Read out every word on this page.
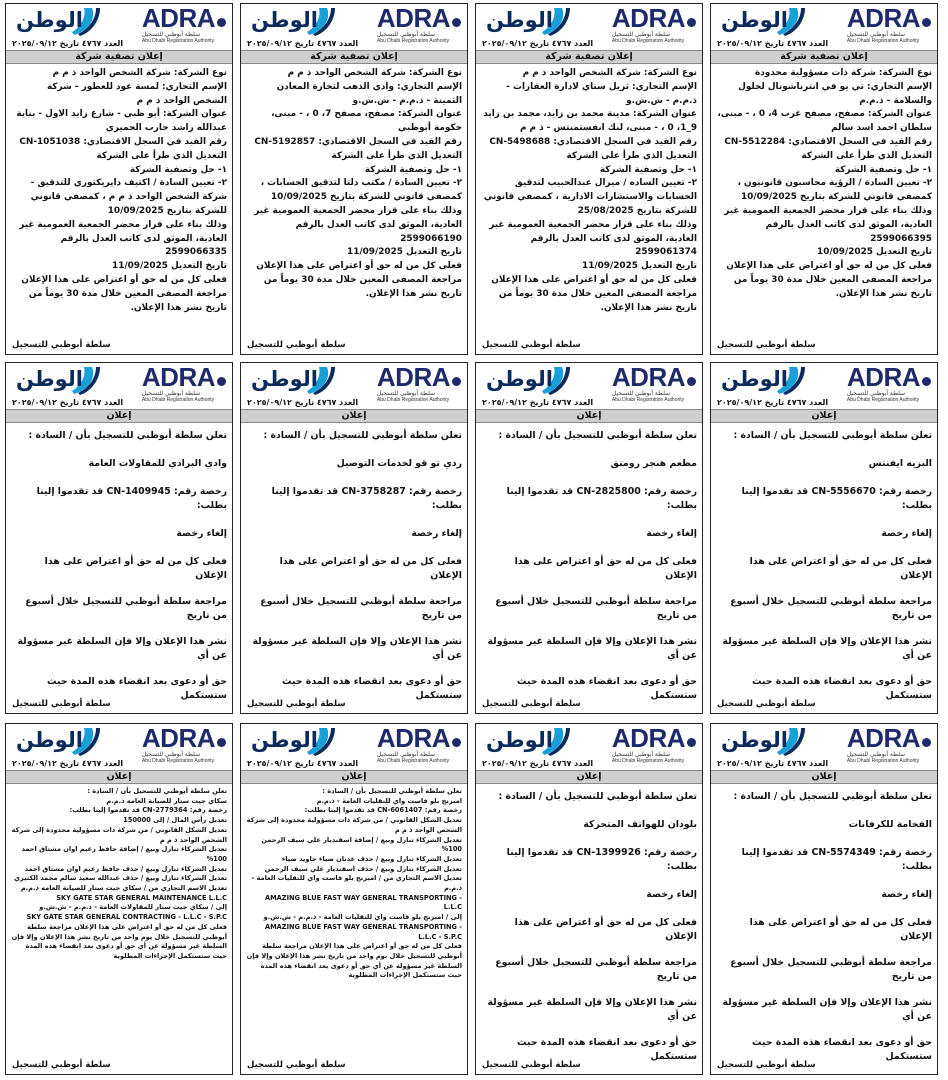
الوطن ADRA
سلطة أبوظبي للتسجيل
Abu Dhabi Registration Authority
العدد ٤٧٦٧ تاريخ ٢٠٢٥/٠٩/١٢
إعلان تصفية شركة

نوع الشركة: شركة ذات مسؤولية محدودة

الإسم التجاري: تي يو في انترناشونال لحلول والسلامة - ذ.م.م

عنوان الشركة: مصفح، مصفح غرب 4، 0 ، - مبنى، سلطان احمد اسد سالم

رقم القيد في السجل الاقتصادي: CN-5512284

التعديل الذي طرأ على الشركة

١- حل وتصفية الشركة

٢- تعيين السادة / الرؤية محاسبون قانونيون ، كمصفي قانوني للشركة بتاريخ 10/09/2025

وذلك بناء على قرار محضر الجمعية العمومية غير العادية، الموثق لدى كاتب العدل بالرقم 2599066395

تاريخ التعديل 10/09/2025

فعلى كل من له حق أو اعتراض على هذا الإعلان مراجعة المصفى المعين خلال مدة 30 يوماً من تاريخ نشر هذا الإعلان.

سلطة أبوظبي للتسجيل
الوطن ADRA
سلطة أبوظبي للتسجيل
Abu Dhabi Registration Authority
العدد ٤٧٦٧ تاريخ ٢٠٢٥/٠٩/١٢
إعلان تصفية شركة

نوع الشركة: شركة الشخص الواحد ذ م م

الإسم التجاري: ثريل ستاي لادارة العقارات - ذ.م.م - ش.ش.و

عنوان الشركة: مدينة محمد بن زايد، محمد بن زايد 9_1، 0 ، - مبنى، لنك انفستمنتس - ذ م م

رقم القيد في السجل الاقتصادي: CN-5498688

التعديل الذي طرأ على الشركة

١- حل وتصفية الشركة

٢- تعيين الساده / ميرال عبدالحبيب لتدقيق الحسابات والاستشارات الادارية ، كمصفي قانوني للشركة بتاريخ 25/08/2025

وذلك بناء على قرار محضر الجمعية العمومية غير العادية، الموثق لدى كاتب العدل بالرقم 2599061374

تاريخ التعديل 11/09/2025

فعلى كل من له حق أو اعتراض على هذا الإعلان مراجعة المصفى المعين خلال مدة 30 يوماً من تاريخ نشر هذا الإعلان.

سلطة أبوظبي للتسجيل
الوطن ADRA
سلطة أبوظبي للتسجيل
Abu Dhabi Registration Authority
العدد ٤٧٦٧ تاريخ ٢٠٢٥/٠٩/١٢
إعلان تصفية شركة

نوع الشركة: شركة الشخص الواحد ذ م م

الإسم التجاري: وادي الذهب لتجارة المعادن الثمينة - ذ.م.م - ش.ش.و

عنوان الشركة: مصفح، مصفح 7، 0 ، - مبنى، حكومة أبوظبي

رقم القيد في السجل الاقتصادي: CN-5192857

التعديل الذي طرأ على الشركة

١- حل وتصفية الشركة

٢- تعيين السادة / مكتب دلتا لتدقيق الحسابات ، كمصفي قانوني للشركة بتاريخ 10/09/2025

وذلك بناء على قرار محضر الجمعية العمومية غير العادية، الموثق لدى كاتب العدل بالرقم 2599066190

تاريخ التعديل 11/09/2025

فعلى كل من له حق أو اعتراض على هذا الإعلان مراجعة المصفى المعين خلال مدة 30 يوماً من تاريخ نشر هذا الإعلان.

سلطة أبوظبي للتسجيل
الوطن ADRA
سلطة أبوظبي للتسجيل
Abu Dhabi Registration Authority
العدد ٤٧٦٧ تاريخ ٢٠٢٥/٠٩/١٢
إعلان تصفية شركة

نوع الشركة: شركة الشخص الواحد ذ م م

الإسم التجاري: لمسة عود للعطور - شركة الشخص الواحد ذ م م

عنوان الشركة: أبو ظبي - شارع زايد الاول - بناية عبدالله راشد حارب الحميري

رقم القيد في السجل الاقتصادي: CN-1051038

التعديل الذي طرأ على الشركة

١- حل وتصفية الشركة

٢- تعيين السادة / اكتيف دايريكتوري للتدقيق - شركة الشخص الواحد ذ م م ، كمصفي قانوني للشركة بتاريخ 10/09/2025

وذلك بناء على قرار محضر الجمعية العمومية غير العادية، الموثق لدى كاتب العدل بالرقم 2599066335

تاريخ التعديل 11/09/2025

فعلى كل من له حق أو اعتراض على هذا الإعلان مراجعة المصفى المعين خلال مدة 30 يوماً من تاريخ نشر هذا الإعلان.

سلطة أبوظبي للتسجيل
الوطن ADRA
سلطة أبوظبي للتسجيل
Abu Dhabi Registration Authority
العدد ٤٧٦٧ تاريخ ٢٠٢٥/٠٩/١٢
إعلان

تعلن سلطة أبوظبي للتسجيل بأن / السادة :

البزيه ايفنتس

رخصة رقم: CN-5556670 قد تقدموا إلينا بطلب:

إلغاء رخصة

فعلى كل من له حق أو اعتراض على هذا الإعلان

مراجعة سلطة أبوظبي للتسجيل خلال أسبوع من تاريخ

نشر هذا الإعلان وإلا فإن السلطة غير مسؤولة عن أي

حق أو دعوى بعد انقضاء هذه المدة حيث ستستكمل

سلطة أبوظبي للتسجيل
الوطن ADRA
سلطة أبوظبي للتسجيل
Abu Dhabi Registration Authority
العدد ٤٧٦٧ تاريخ ٢٠٢٥/٠٩/١٢
إعلان

تعلن سلطة أبوظبي للتسجيل بأن / السادة :

مطعم هنجر رومنق

رخصة رقم: CN-2825800 قد تقدموا إلينا بطلب:

إلغاء رخصة

فعلى كل من له حق أو اعتراض على هذا الإعلان

مراجعة سلطة أبوظبي للتسجيل خلال أسبوع من تاريخ

نشر هذا الإعلان وإلا فإن السلطة غير مسؤولة عن أي

حق أو دعوى بعد انقضاء هذه المدة حيث ستستكمل

سلطة أبوظبي للتسجيل
الوطن ADRA
سلطة أبوظبي للتسجيل
Abu Dhabi Registration Authority
العدد ٤٧٦٧ تاريخ ٢٠٢٥/٠٩/١٢
إعلان

تعلن سلطة أبوظبي للتسجيل بأن / السادة :

ردي تو قو لخدمات التوصيل

رخصة رقم: CN-3758287 قد تقدموا إلينا بطلب:

إلغاء رخصة

فعلى كل من له حق أو اعتراض على هذا الإعلان

مراجعة سلطة أبوظبي للتسجيل خلال أسبوع من تاريخ

نشر هذا الإعلان وإلا فإن السلطة غير مسؤولة عن أي

حق أو دعوى بعد انقضاء هذه المدة حيث ستستكمل

سلطة أبوظبي للتسجيل
الوطن ADRA
سلطة أبوظبي للتسجيل
Abu Dhabi Registration Authority
العدد ٤٧٦٧ تاريخ ٢٠٢٥/٠٩/١٢
إعلان

تعلن سلطة أبوظبي للتسجيل بأن / السادة :

وادي البرادي للمقاولات العامة

رخصة رقم: CN-1409945 قد تقدموا إلينا بطلب:

إلغاء رخصة

فعلى كل من له حق أو اعتراض على هذا الإعلان

مراجعة سلطة أبوظبي للتسجيل خلال أسبوع من تاريخ

نشر هذا الإعلان وإلا فإن السلطة غير مسؤولة عن أي

حق أو دعوى بعد انقضاء هذه المدة حيث ستستكمل

سلطة أبوظبي للتسجيل
الوطن ADRA
سلطة أبوظبي للتسجيل
Abu Dhabi Registration Authority
العدد ٤٧٦٧ تاريخ ٢٠٢٥/٠٩/١٢
إعلان

تعلن سلطة أبوظبي للتسجيل بأن / السادة :

الفخامة للكرفانات

رخصة رقم: CN-5574349 قد تقدموا إلينا بطلب:

إلغاء رخصة

فعلى كل من له حق أو اعتراض على هذا الإعلان

مراجعة سلطة أبوظبي للتسجيل خلال أسبوع من تاريخ

نشر هذا الإعلان وإلا فإن السلطة غير مسؤولة عن أي

حق أو دعوى بعد انقضاء هذه المدة حيث ستستكمل

سلطة أبوظبي للتسجيل
الوطن ADRA
سلطة أبوظبي للتسجيل
Abu Dhabi Registration Authority
العدد ٤٧٦٧ تاريخ ٢٠٢٥/٠٩/١٢
إعلان

تعلن سلطة أبوظبي للتسجيل بأن / السادة :

بلودان للهواتف المتحركة

رخصة رقم: CN-1399926 قد تقدموا إلينا بطلب:

إلغاء رخصة

فعلى كل من له حق أو اعتراض على هذا الإعلان

مراجعة سلطة أبوظبي للتسجيل خلال أسبوع من تاريخ

نشر هذا الإعلان وإلا فإن السلطة غير مسؤولة عن أي

حق أو دعوى بعد انقضاء هذه المدة حيث ستستكمل

سلطة أبوظبي للتسجيل
الوطن ADRA
سلطة أبوظبي للتسجيل
Abu Dhabi Registration Authority
العدد ٤٧٦٧ تاريخ ٢٠٢٥/٠٩/١٢
إعلان

تعلن سلطة أبوظبي للتسجيل بأن / السادة :

امبزنج بلو فاست واي للنقليات العامة - ذ.م.م

رخصة رقم: CN-6061407 قد تقدموا إلينا بطلب:

تعديل الشكل القانوني / من شركة ذات مسؤولية محدودة إلى شركة الشخص الواحد ذ م م

تعديل الشركاء تنازل وبيع / إضافة اسفنديار علي سيف الرحمن 100%

تعديل الشركاء تنازل وبيع / حذف عدنان ضياء جاويد ضياء

تعديل الشركاء تنازل وبيع / حذف اسفنديار علي سيف الرحمن

تعديل الاسم التجاري من / امبزنج بلو فاست واي للنقليات العامة - ذ.م.م

AMAZING BLUE FAST WAY GENERAL TRANSPORTING - L.L.C

إلى / امبزنج بلو فاست واي للنقليات العامة - ذ.م.م - ش.ش.و

AMAZING BLUE FAST WAY GENERAL TRANSPORTING - L.L.C - S.P.C

فعلى كل من له حق أو اعتراض على هذا الإعلان مراجعة سلطة أبوظبي للتسجيل خلال يوم واحد من تاريخ نشر هذا الإعلان وإلا فإن السلطة غير مسؤولة عن أي حق أو دعوى بعد انقضاء هذه المدة حيث ستستكمل الإجراءات المطلوبة

سلطة أبوظبي للتسجيل
الوطن ADRA
سلطة أبوظبي للتسجيل
Abu Dhabi Registration Authority
العدد ٤٧٦٧ تاريخ ٢٠٢٥/٠٩/١٢
إعلان

تعلن سلطة أبوظبي للتسجيل بأن / السادة :

سكاي جيت ستار للصيانة العامه ذ.م.م

رخصة رقم: CN-2779364 قد تقدموا إلينا بطلب:

تعديل رأس المال / إلى 150000

تعديل الشكل القانوني / من شركة ذات مسؤولية محدودة إلى شركة الشخص الواحد ذ م م

تعديل الشركاء تنازل وبيع / إضافة حافظ زعيم اوان مشتاق احمد 100%

تعديل الشركاء تنازل وبيع / حذف حافظ زعيم اوان مشتاق احمد

تعديل الشركاء تنازل وبيع / حذف عبدالله سعيد سالم محمد الكثيري

تعديل الاسم التجاري من / سكاي جيت ستار للصيانة العامه ذ.م.م

SKY GATE STAR GENERAL MAINTENANCE L.L.C

إلى / سكاي جيت ستار للمقاولات العامة - ذ.م.م - ش.ش.و

SKY GATE STAR GENERAL CONTRACTING - L.L.C - S.P.C

فعلى كل من له حق أو اعتراض على هذا الإعلان مراجعة سلطة أبوظبي للتسجيل خلال يوم واحد من تاريخ نشر هذا الإعلان وإلا فإن السلطة غير مسؤولة عن أي حق أو دعوى بعد انقضاء هذه المدة حيث ستستكمل الإجراءات المطلوبة

سلطة أبوظبي للتسجيل
